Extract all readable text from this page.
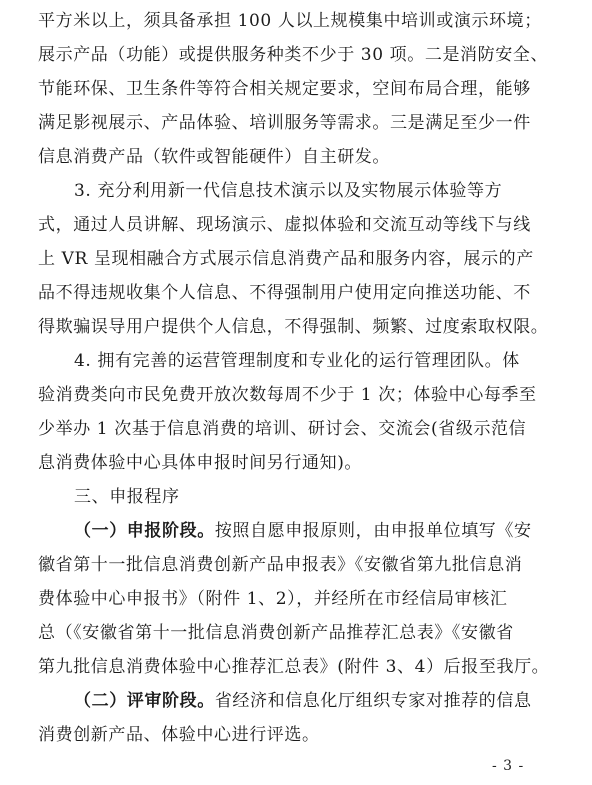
平方米以上，须具备承担 100 人以上规模集中培训或演示环境；
展示产品（功能）或提供服务种类不少于 30 项。二是消防安全、
节能环保、卫生条件等符合相关规定要求，空间布局合理，能够
满足影视展示、产品体验、培训服务等需求。三是满足至少一件
信息消费产品（软件或智能硬件）自主研发。
3. 充分利用新一代信息技术演示以及实物展示体验等方
式，通过人员讲解、现场演示、虚拟体验和交流互动等线下与线
上 VR 呈现相融合方式展示信息消费产品和服务内容，展示的产
品不得违规收集个人信息、不得强制用户使用定向推送功能、不
得欺骗误导用户提供个人信息，不得强制、频繁、过度索取权限。
4. 拥有完善的运营管理制度和专业化的运行管理团队。体
验消费类向市民免费开放次数每周不少于 1 次；体验中心每季至
少举办 1 次基于信息消费的培训、研讨会、交流会(省级示范信
息消费体验中心具体申报时间另行通知)。
三、申报程序
（一）申报阶段。按照自愿申报原则，由申报单位填写《安
徽省第十一批信息消费创新产品申报表》《安徽省第九批信息消
费体验中心申报书》（附件 1、2），并经所在市经信局审核汇
总（《安徽省第十一批信息消费创新产品推荐汇总表》《安徽省
第九批信息消费体验中心推荐汇总表》(附件 3、4）后报至我厅。
（二）评审阶段。省经济和信息化厅组织专家对推荐的信息
消费创新产品、体验中心进行评选。
- 3 -
